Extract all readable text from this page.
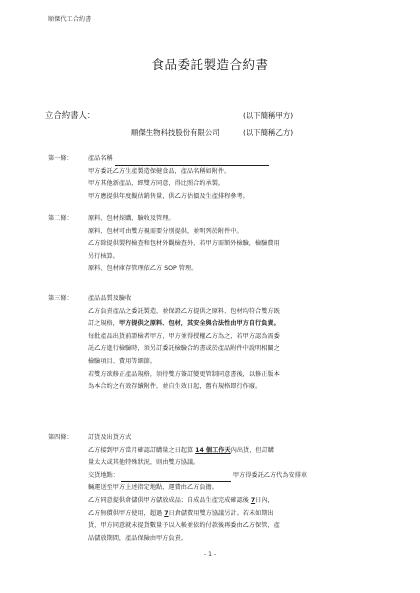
順傑代工合約書
食品委託製造合約書
立合約書人：	(以下簡稱甲方)
順傑生物科技股份有限公司	(以下簡稱乙方)
第一條： 產品名稱

甲方委託乙方生產製造保健食品，產品名稱如附件。

甲方其他新產品，經雙方同意，得比照合約承製。

甲方應提供年度擬估銷售量，供乙方估價及生產排程參考。

第二條： 原料、包材採購、驗收及管理。

原料、包材可由雙方視需要分別提供，並明列於附件中。

乙方除提供製程檢查和包材外觀檢查外，若甲方需額外檢驗，檢驗費用

另行核算。

原料、包材庫存管理依乙方 SOP 管理。

第三條： 產品品質及驗收

乙方負責產品之委託製造，並保證乙方提供之原料、包材均符合雙方既

訂之規格，甲方提供之原料、包材，其安全與合法性由甲方自行負責。

每批產品出貨前證檢者甲方，甲方並得授權乙方為之，若甲方認為需委

託乙方進行檢驗時，須另訂委託檢驗合約書或於產品附件中說明相關之

檢驗項目、費用等細節。

若雙方欲修正產品規格，須待雙方簽訂變更管制同意書後，以修正版本

為本合約之有效存續附件，並自生效日起，舊有規格即行作廢。

第四條： 訂貨及出貨方式

乙方接到甲方當月確認訂購量之日起算 14 個工作天內出貨，但訂購

量太大或其他特殊狀況，則由雙方協議。

交貨地點：	甲方得委託乙方代為安排車

輛運送至甲方上述指定地點，運費由乙方負擔。

乙方同意提供倉儲供甲方儲放成品；自成品生產完成確認後 7日內，

乙方無償供甲方使用，超過 7日倉儲費用雙方協議另計。若未如期出

貨，甲方同意就未提貨數量予以入帳並依約付款後再委由乙方保管，產

品儲放期間，產品保險由甲方負責。

- 1 -
